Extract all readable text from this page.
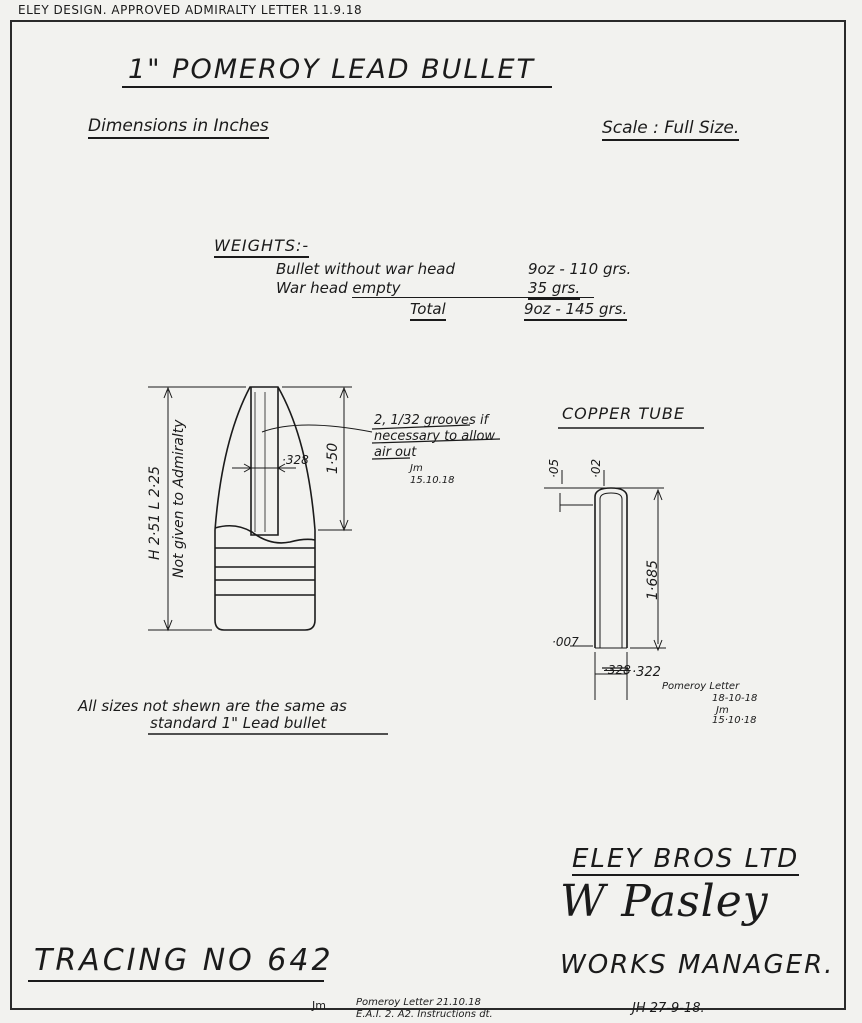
ELEY DESIGN. APPROVED ADMIRALTY LETTER 11.9.18
1" POMEROY LEAD BULLET
Dimensions in Inches	Scale : Full Size.
WEIGHTS:-
Bullet without war head	9oz - 110 grs.
War head empty	35 grs.
Total	9oz - 145 grs.
H 2·51 L 2·25 Not given to Admiralty	1·50
·328
2, 1/32 grooves if
necessary to allow
air out
Jm
15.10.18
COPPER TUBE
·05 ·02
1·685
·007
·328 ·322
Pomeroy Letter
18-10-18
Jm
15·10·18
All sizes not shewn are the same as
standard 1" Lead bullet
ELEY BROS LTD
W Pasley
WORKS MANAGER.
TRACING NO 642
Jm	Pomeroy Letter 21.10.18
E.A.I. 2. A2. Instructions dt.	JH 27-9-18.
